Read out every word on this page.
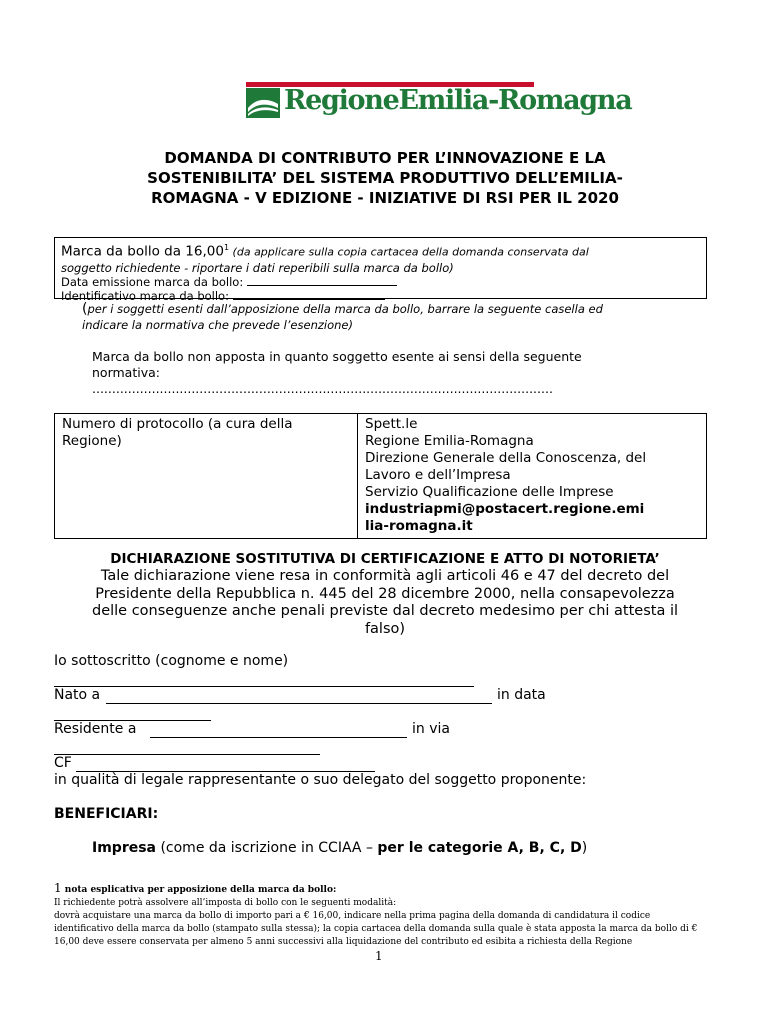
RegioneEmilia-Romagna
DOMANDA DI CONTRIBUTO PER L’INNOVAZIONE E LA
SOSTENIBILITA’ DEL SISTEMA PRODUTTIVO DELL’EMILIA-
ROMAGNA - V EDIZIONE - INIZIATIVE DI RSI PER IL 2020
Marca da bollo da 16,00$^1$ (da applicare sulla copia cartacea della domanda conservata dal
soggetto richiedente - riportare i dati reperibili sulla marca da bollo)
Data emissione marca da bollo:
Identificativo marca da bollo:
(per i soggetti esenti dall’apposizione della marca da bollo, barrare la seguente casella ed
indicare la normativa che prevede l’esenzione)
Marca da bollo non apposta in quanto soggetto esente ai sensi della seguente
normativa:
....................................................................................................................
Numero di protocollo (a cura della
Regione)
Spett.le
Regione Emilia-Romagna
Direzione Generale della Conoscenza, del
Lavoro e dell’Impresa
Servizio Qualificazione delle Imprese
industriapmi@postacert.regione.emi
lia-romagna.it
DICHIARAZIONE SOSTITUTIVA DI CERTIFICAZIONE E ATTO DI NOTORIETA’
Tale dichiarazione viene resa in conformità agli articoli 46 e 47 del decreto del
Presidente della Repubblica n. 445 del 28 dicembre 2000, nella consapevolezza
delle conseguenze anche penali previste dal decreto medesimo per chi attesta il
falso)
Io sottoscritto (cognome e nome)
Nato a	in data
Residente a	in via
CF
in qualità di legale rappresentante o suo delegato del soggetto proponente:
BENEFICIARI:
Impresa (come da iscrizione in CCIAA – per le categorie A, B, C, D)
1 nota esplicativa per apposizione della marca da bollo:
Il richiedente potrà assolvere all’imposta di bollo con le seguenti modalità:
dovrà acquistare una marca da bollo di importo pari a € 16,00, indicare nella prima pagina della domanda di candidatura il codice
identificativo della marca da bollo (stampato sulla stessa); la copia cartacea della domanda sulla quale è stata apposta la marca da bollo di €
16,00 deve essere conservata per almeno 5 anni successivi alla liquidazione del contributo ed esibita a richiesta della Regione
1
